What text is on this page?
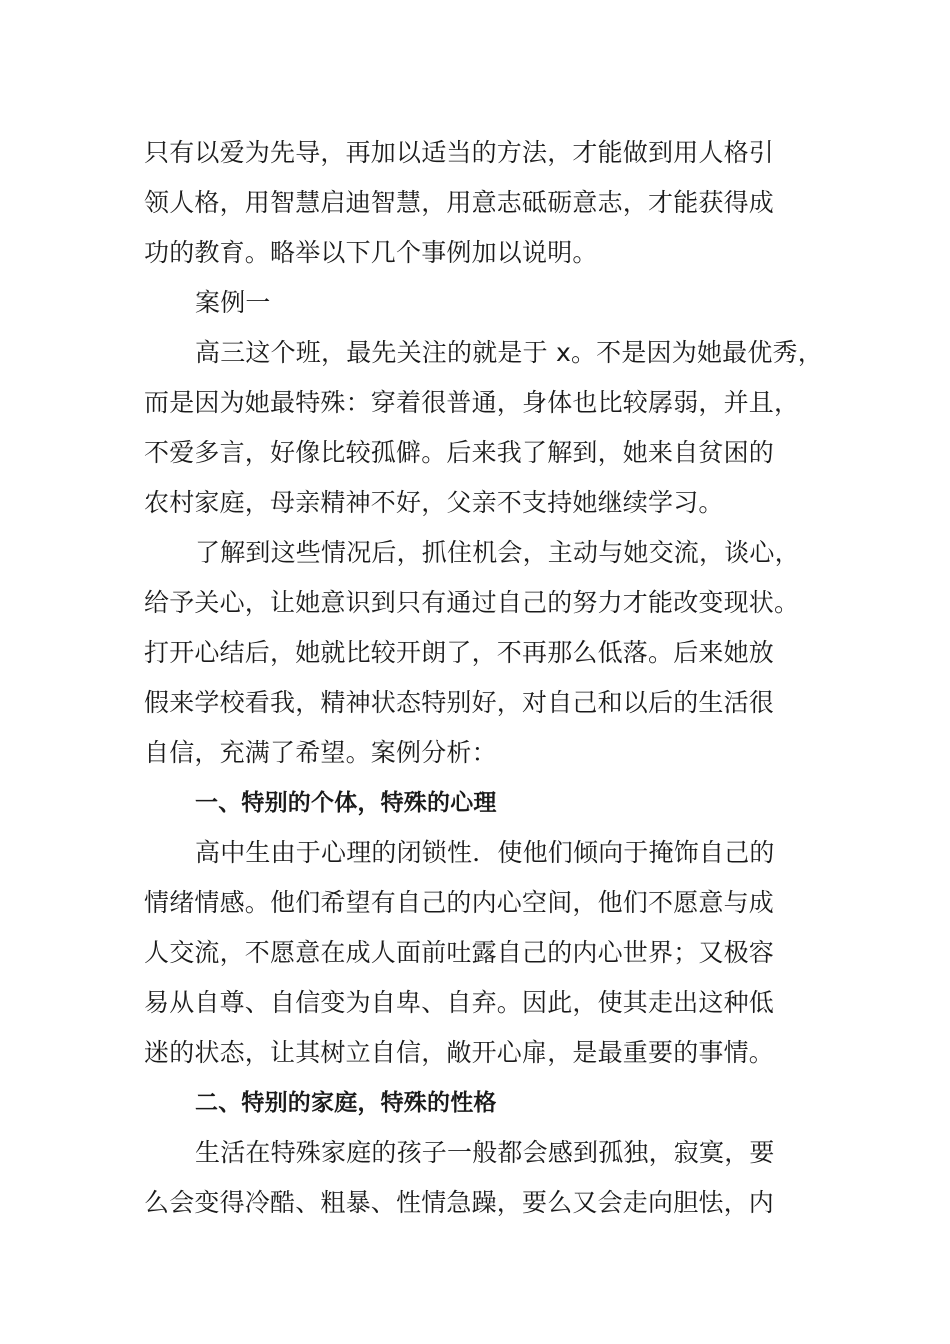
只有以爱为先导，再加以适当的方法，才能做到用人格引
领人格，用智慧启迪智慧，用意志砥砺意志，才能获得成
功的教育。略举以下几个事例加以说明。
案例一
高三这个班，最先关注的就是于 x。不是因为她最优秀，
而是因为她最特殊：穿着很普通，身体也比较孱弱，并且，
不爱多言，好像比较孤僻。后来我了解到，她来自贫困的
农村家庭，母亲精神不好，父亲不支持她继续学习。
了解到这些情况后，抓住机会，主动与她交流，谈心，
给予关心，让她意识到只有通过自己的努力才能改变现状。
打开心结后，她就比较开朗了，不再那么低落。后来她放
假来学校看我，精神状态特别好，对自己和以后的生活很
自信，充满了希望。案例分析：
一、特别的个体，特殊的心理
高中生由于心理的闭锁性．使他们倾向于掩饰自己的
情绪情感。他们希望有自己的内心空间，他们不愿意与成
人交流，不愿意在成人面前吐露自己的内心世界；又极容
易从自尊、自信变为自卑、自弃。因此，使其走出这种低
迷的状态，让其树立自信，敞开心扉，是最重要的事情。
二、特别的家庭，特殊的性格
生活在特殊家庭的孩子一般都会感到孤独，寂寞，要
么会变得冷酷、粗暴、性情急躁，要么又会走向胆怯，内
